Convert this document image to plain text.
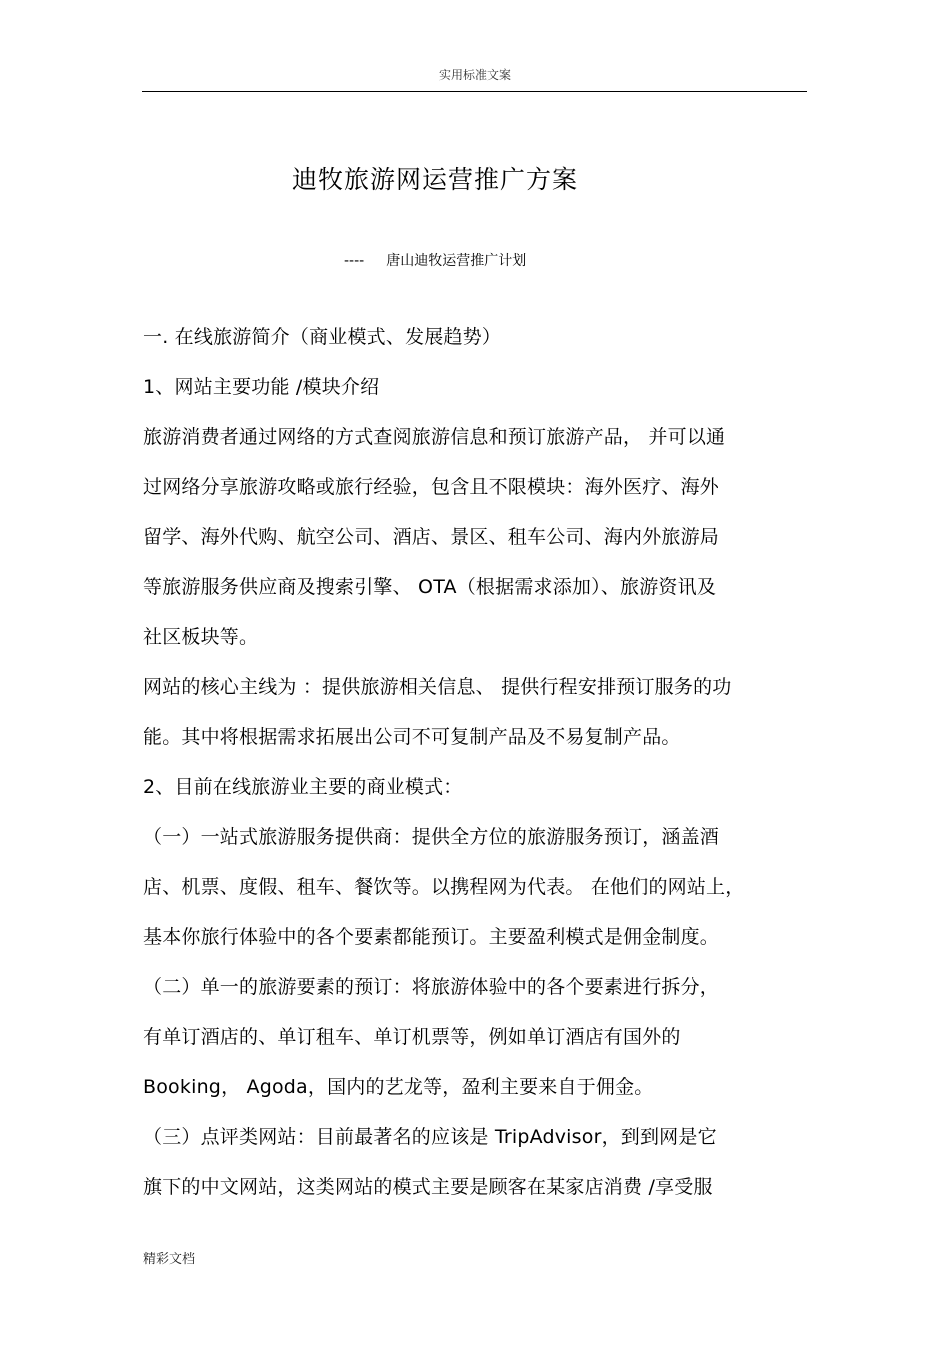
实用标准文案
迪牧旅游网运营推广方案
---- 唐山迪牧运营推广计划
一. 在线旅游简介（商业模式、发展趋势）
1、网站主要功能 /模块介绍
旅游消费者通过网络的方式查阅旅游信息和预订旅游产品， 并可以通
过网络分享旅游攻略或旅行经验，包含且不限模块：海外医疗、海外
留学、海外代购、航空公司、酒店、景区、租车公司、海内外旅游局
等旅游服务供应商及搜索引擎、 OTA（根据需求添加）、旅游资讯及
社区板块等。
网站的核心主线为 ：提供旅游相关信息、 提供行程安排预订服务的功
能。其中将根据需求拓展出公司不可复制产品及不易复制产品。
2、目前在线旅游业主要的商业模式：
（一）一站式旅游服务提供商：提供全方位的旅游服务预订，涵盖酒
店、机票、度假、租车、餐饮等。以携程网为代表。 在他们的网站上，
基本你旅行体验中的各个要素都能预订。主要盈利模式是佣金制度。
（二）单一的旅游要素的预订：将旅游体验中的各个要素进行拆分，
有单订酒店的、单订租车、单订机票等，例如单订酒店有国外的
Booking， Agoda，国内的艺龙等，盈利主要来自于佣金。
（三）点评类网站：目前最著名的应该是 TripAdvisor，到到网是它
旗下的中文网站，这类网站的模式主要是顾客在某家店消费 /享受服
精彩文档
